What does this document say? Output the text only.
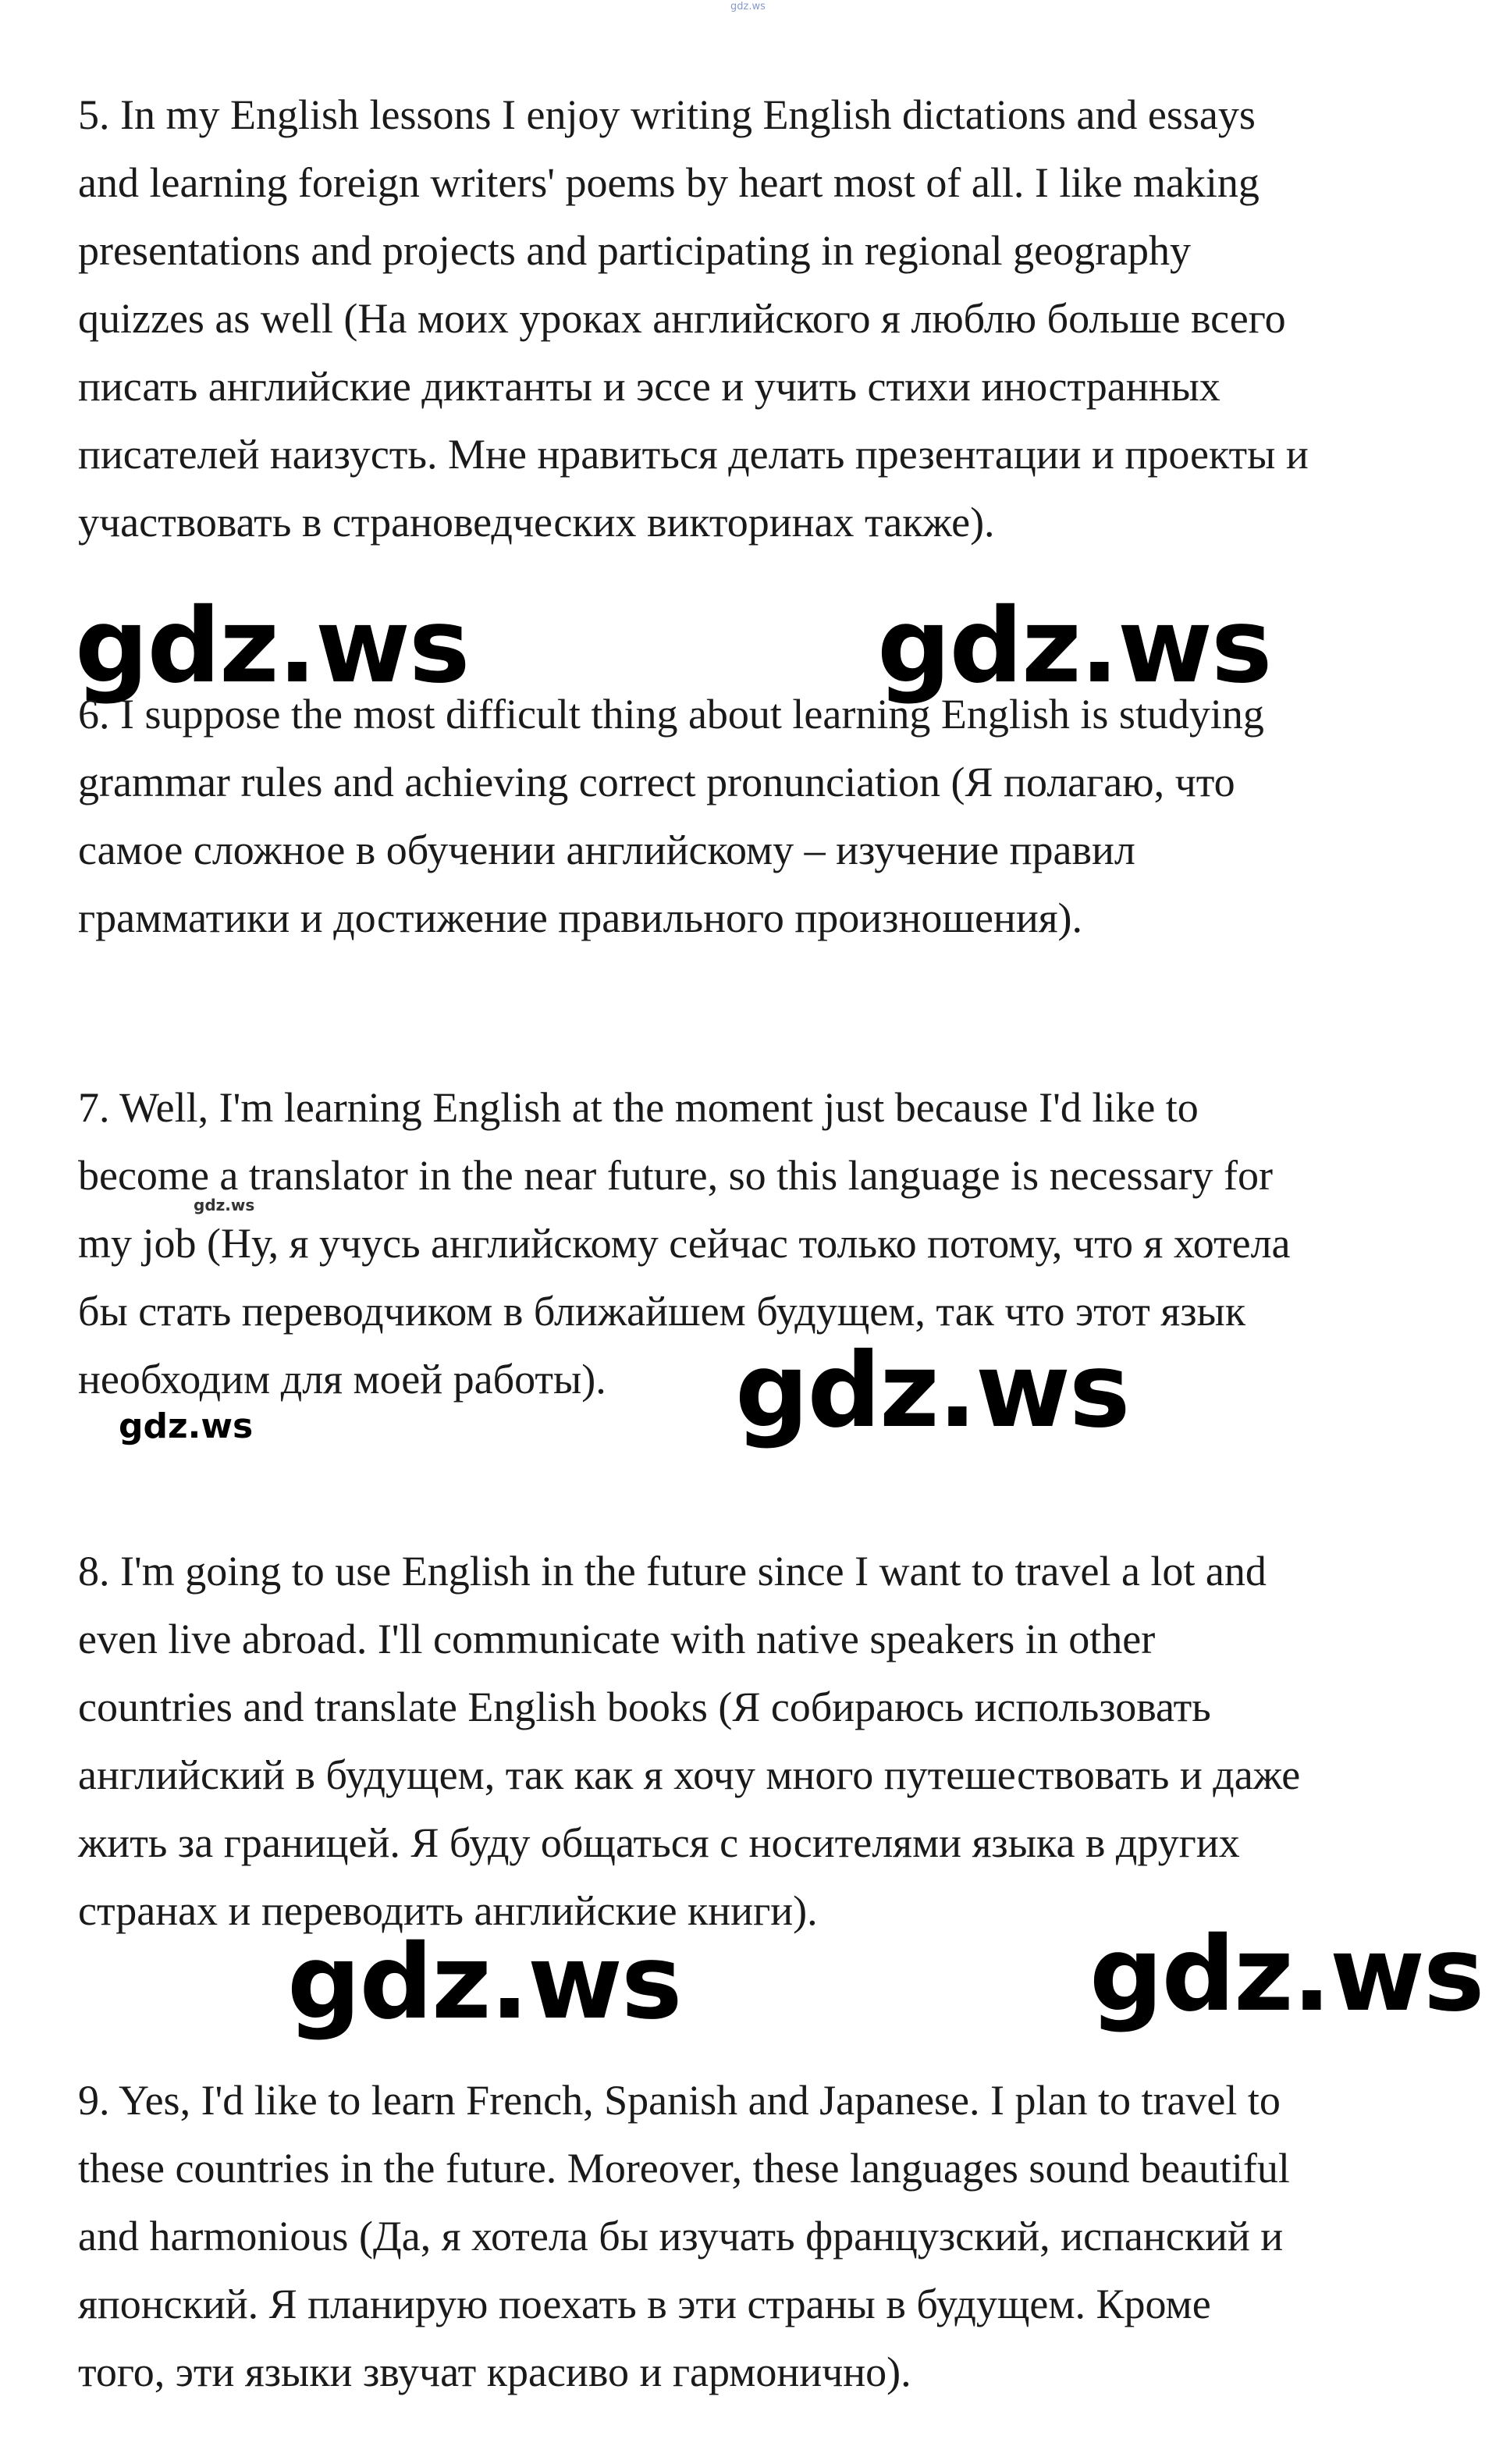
gdz.ws

5. In my English lessons I enjoy writing English dictations and essays
and learning foreign writers' poems by heart most of all. I like making
presentations and projects and participating in regional geography
quizzes as well (На моих уроках английского я люблю больше всего
писать английские диктанты и эссе и учить стихи иностранных
писателей наизусть. Мне нравиться делать презентации и проекты и
участвовать в страноведческих викторинах также).

gdz.ws	gdz.ws

6. I suppose the most difficult thing about learning English is studying
grammar rules and achieving correct pronunciation (Я полагаю, что
самое сложное в обучении английскому – изучение правил
грамматики и достижение правильного произношения).

7. Well, I'm learning English at the moment just because I'd like to
become a translator in the near future, so this language is necessary for
my job (Ну, я учусь английскому сейчас только потому, что я хотела
бы стать переводчиком в ближайшем будущем, так что этот язык
необходим для моей работы).

gdz.ws
gdz.ws
gdz.ws

8. I'm going to use English in the future since I want to travel a lot and
even live abroad. I'll communicate with native speakers in other
countries and translate English books (Я собираюсь использовать
английский в будущем, так как я хочу много путешествовать и даже
жить за границей. Я буду общаться с носителями языка в других
странах и переводить английские книги).

gdz.ws	gdz.ws

9. Yes, I'd like to learn French, Spanish and Japanese. I plan to travel to
these countries in the future. Moreover, these languages sound beautiful
and harmonious (Да, я хотела бы изучать французский, испанский и
японский. Я планирую поехать в эти страны в будущем. Кроме
того, эти языки звучат красиво и гармонично).
